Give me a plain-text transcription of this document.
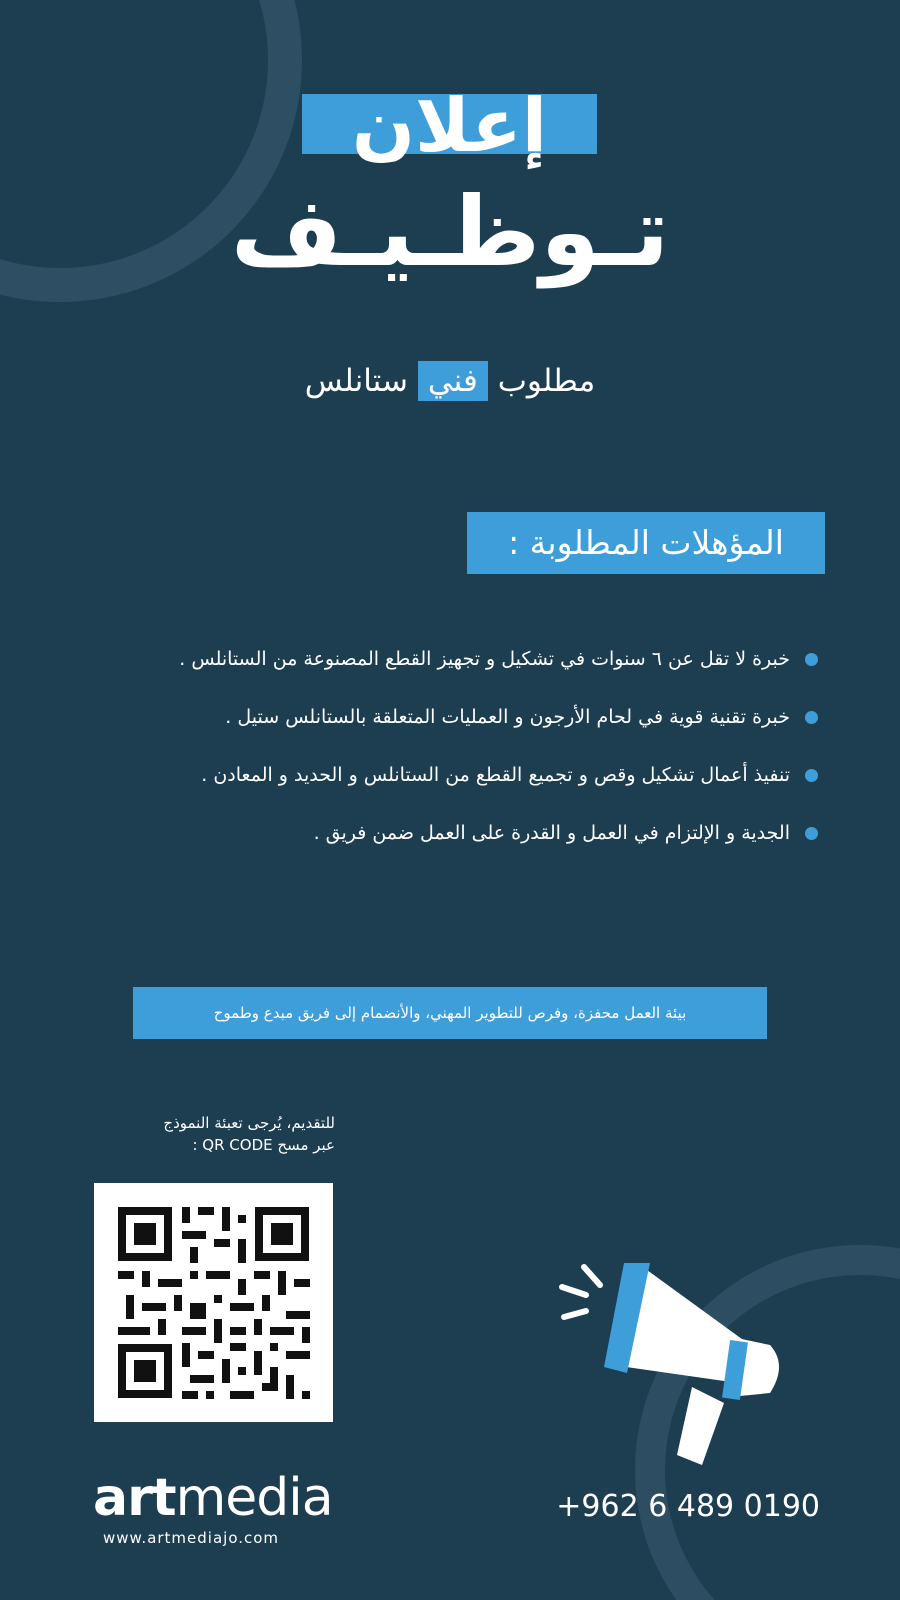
إعلان
تـوظـيـف
مطلوب فني ستانلس
المؤهلات المطلوبة :
خبرة لا تقل عن ٦ سنوات في تشكيل و تجهيز القطع المصنوعة من الستانلس .
خبرة تقنية قوية في لحام الأرجون و العمليات المتعلقة بالستانلس ستيل .
تنفيذ أعمال تشكيل وقص و تجميع القطع من الستانلس و الحديد و المعادن .
الجدية و الإلتزام في العمل و القدرة على العمل ضمن فريق .
بيئة العمل محفزة، وفرص للتطوير المهني، والأنضمام إلى فريق مبدع وطموح
للتقديم، يُرجى تعبئة النموذج
عبر مسح QR CODE :
artmedia
www.artmediajo.com
+962 6 489 0190
